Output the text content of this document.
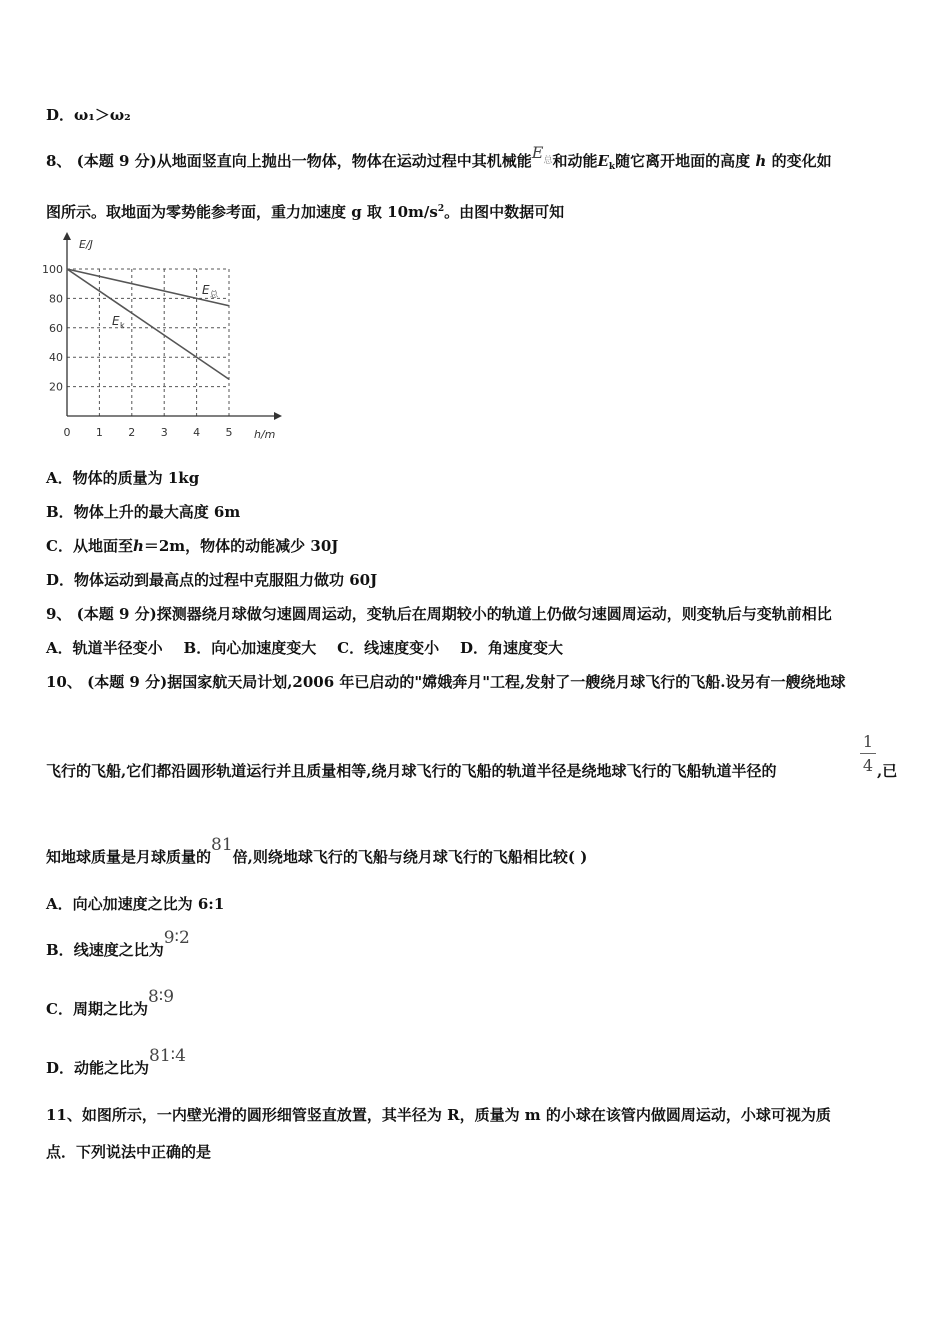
D．ω₁＞ω₂
8、 (本题 9 分)从地面竖直向上抛出一物体，物体在运动过程中其机械能$E^总$和动能$E_k$随它离开地面的高度 h 的变化如
图所示。取地面为零势能参考面，重力加速度 g 取 $10m/s^2$。由图中数据可知
0 1 2 3 4 5
20
40
60
80
100
E/J
h/m
E 总
E k
A．物体的质量为 1kg
B．物体上升的最大高度 6m
C．从地面至h＝2m，物体的动能减少 30J
D．物体运动到最高点的过程中克服阻力做功 60J
9、 (本题 9 分)探测器绕月球做匀速圆周运动，变轨后在周期较小的轨道上仍做匀速圆周运动，则变轨后与变轨前相比
A．轨道半径变小 B．向心加速度变大 C．线速度变小 D．角速度变大
10、 (本题 9 分)据国家航天局计划,2006 年已启动的"嫦娥奔月"工程,发射了一艘绕月球飞行的飞船.设另有一艘绕地球
飞行的飞船,它们都沿圆形轨道运行并且质量相等,绕月球飞行的飞船的轨道半径是绕地球飞行的飞船轨道半径的
1
4 ,已
知地球质量是月球质量的81倍,则绕地球飞行的飞船与绕月球飞行的飞船相比较( )
A．向心加速度之比为 6:1
B．线速度之比为9∶2
C．周期之比为8∶9
D．动能之比为81∶4
11、如图所示，一内壁光滑的圆形细管竖直放置，其半径为 R，质量为 m 的小球在该管内做圆周运动，小球可视为质
点．下列说法中正确的是
